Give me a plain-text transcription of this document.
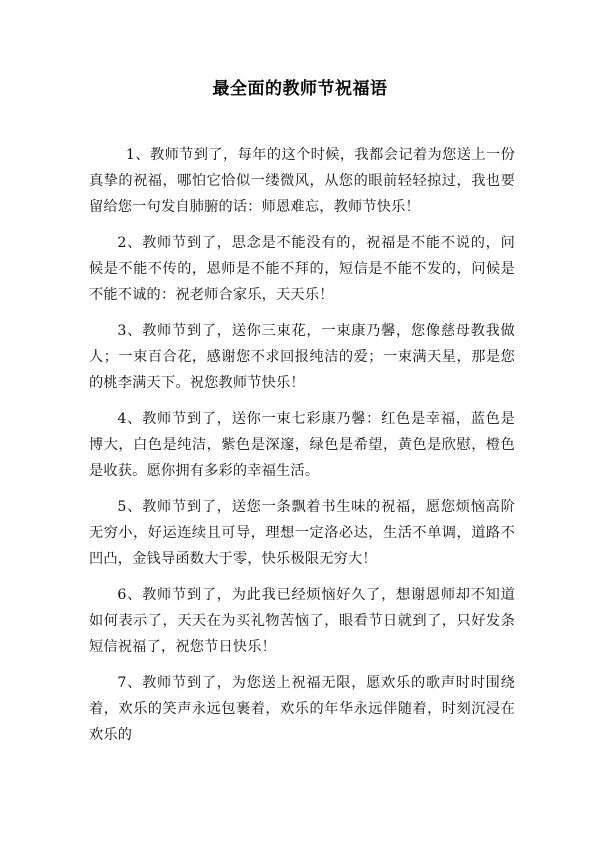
最全面的教师节祝福语

1、教师节到了，每年的这个时候，我都会记着为您送上一份真挚的祝福，哪怕它恰似一缕微风，从您的眼前轻轻掠过，我也要留给您一句发自肺腑的话：师恩难忘，教师节快乐！

2、教师节到了，思念是不能没有的，祝福是不能不说的，问候是不能不传的，恩师是不能不拜的，短信是不能不发的，问候是不能不诚的：祝老师合家乐，天天乐！

3、教师节到了，送你三束花，一束康乃馨，您像慈母教我做人；一束百合花，感谢您不求回报纯洁的爱；一束满天星，那是您的桃李满天下。祝您教师节快乐！

4、教师节到了，送你一束七彩康乃馨：红色是幸福，蓝色是博大，白色是纯洁，紫色是深邃，绿色是希望，黄色是欣慰，橙色是收获。愿你拥有多彩的幸福生活。

5、教师节到了，送您一条飘着书生味的祝福，愿您烦恼高阶无穷小，好运连续且可导，理想一定洛必达，生活不单调，道路不凹凸，金钱导函数大于零，快乐极限无穷大！

6、教师节到了，为此我已经烦恼好久了，想谢恩师却不知道如何表示了，天天在为买礼物苦恼了，眼看节日就到了，只好发条短信祝福了，祝您节日快乐！

7、教师节到了，为您送上祝福无限，愿欢乐的歌声时时围绕着，欢乐的笑声永远包裹着，欢乐的年华永远伴随着，时刻沉浸在欢乐的
